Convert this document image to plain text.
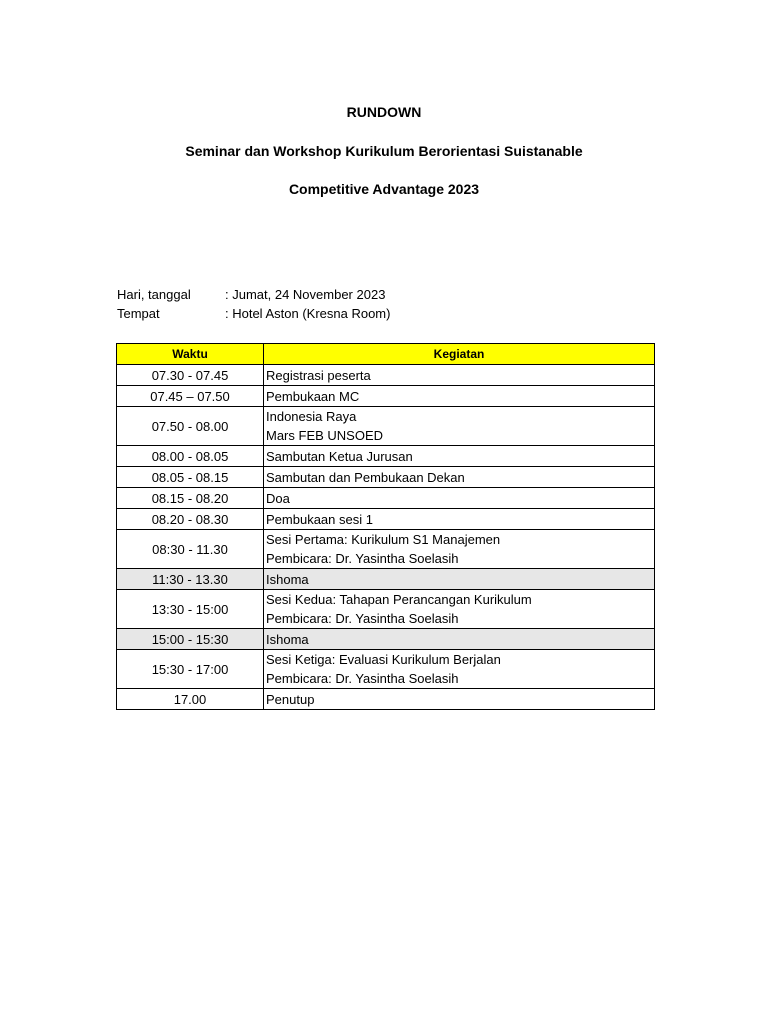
RUNDOWN
Seminar dan Workshop Kurikulum Berorientasi Suistanable
Competitive Advantage 2023
Hari, tanggal	: Jumat, 24 November 2023
Tempat	: Hotel Aston (Kresna Room)
Waktu	Kegiatan
07.30 - 07.45	Registrasi peserta

07.45 – 07.50	Pembukaan MC

07.50 - 08.00	Indonesia Raya
Mars FEB UNSOED

08.00 - 08.05	Sambutan Ketua Jurusan

08.05 - 08.15	Sambutan dan Pembukaan Dekan

08.15 - 08.20	Doa

08.20 - 08.30	Pembukaan sesi 1

08:30 - 11.30	Sesi Pertama: Kurikulum S1 Manajemen
Pembicara: Dr. Yasintha Soelasih

11:30 - 13.30	Ishoma

13:30 - 15:00	Sesi Kedua: Tahapan Perancangan Kurikulum
Pembicara: Dr. Yasintha Soelasih

15:00 - 15:30	Ishoma

15:30 - 17:00	Sesi Ketiga: Evaluasi Kurikulum Berjalan
Pembicara: Dr. Yasintha Soelasih

17.00	Penutup
